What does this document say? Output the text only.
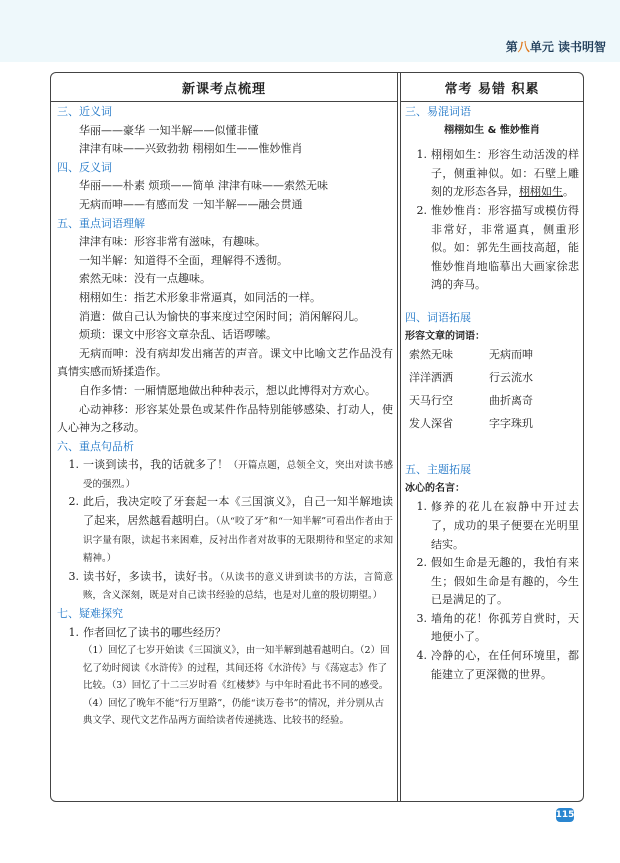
第八单元 读书明智
新课考点梳理	常考 易错 积累
三、近义词
华丽——豪华 一知半解——似懂非懂
津津有味——兴致勃勃 栩栩如生——惟妙惟肖
四、反义词
华丽——朴素 烦琐——简单 津津有味——索然无味
无病而呻——有感而发 一知半解——融会贯通
五、重点词语理解
津津有味：形容非常有滋味，有趣味。
一知半解：知道得不全面，理解得不透彻。
索然无味：没有一点趣味。
栩栩如生：指艺术形象非常逼真，如同活的一样。
消遣：做自己认为愉快的事来度过空闲时间；消闲解闷儿。
烦琐：课文中形容文章杂乱、话语啰嗦。
无病而呻：没有病却发出痛苦的声音。课文中比喻文艺作品没有真情实感而矫揉造作。
自作多情：一厢情愿地做出种种表示，想以此博得对方欢心。
心动神移：形容某处景色或某件作品特别能够感染、打动人，使人心神为之移动。
六、重点句品析
1. 一谈到读书，我的话就多了！（开篇点题，总领全文，突出对读书感受的强烈。）
2. 此后，我决定咬了牙套起一本《三国演义》，自己一知半解地读了起来，居然越看越明白。（从“咬了牙”和“一知半解”可看出作者由于识字量有限，读起书来困难，反衬出作者对故事的无限期待和坚定的求知精神。）
3. 读书好，多读书，读好书。（从读书的意义讲到读书的方法，言简意赅，含义深刻，既是对自己读书经验的总结，也是对儿童的殷切期望。）
七、疑难探究
1. 作者回忆了读书的哪些经历？
（1）回忆了七岁开始读《三国演义》，由一知半解到越看越明白。（2）回忆了幼时阅读《水浒传》的过程，其间还将《水浒传》与《荡寇志》作了比较。（3）回忆了十二三岁时看《红楼梦》与中年时看此书不同的感受。（4）回忆了晚年不能“行万里路”，仍能“读万卷书”的情况，并分别从古典文学、现代文艺作品两方面给读者传递挑选、比较书的经验。
三、易混词语
栩栩如生 & 惟妙惟肖
1. 栩栩如生：形容生动活泼的样子，侧重神似。如：石壁上雕刻的龙形态各异，栩栩如生。
2. 惟妙惟肖：形容描写或模仿得非常好，非常逼真，侧重形似。如：郭先生画技高超，能惟妙惟肖地临摹出大画家徐悲鸿的奔马。
四、词语拓展
形容文章的词语：
索然无味	无病而呻
洋洋洒洒	行云流水
天马行空	曲折离奇
发人深省	字字珠玑
五、主题拓展
冰心的名言：
1. 修养的花儿在寂静中开过去了，成功的果子便要在光明里结实。
2. 假如生命是无趣的，我怕有来生；假如生命是有趣的，今生已是满足的了。
3. 墙角的花！你孤芳自赏时，天地便小了。
4. 冷静的心，在任何环境里，都能建立了更深微的世界。
115
